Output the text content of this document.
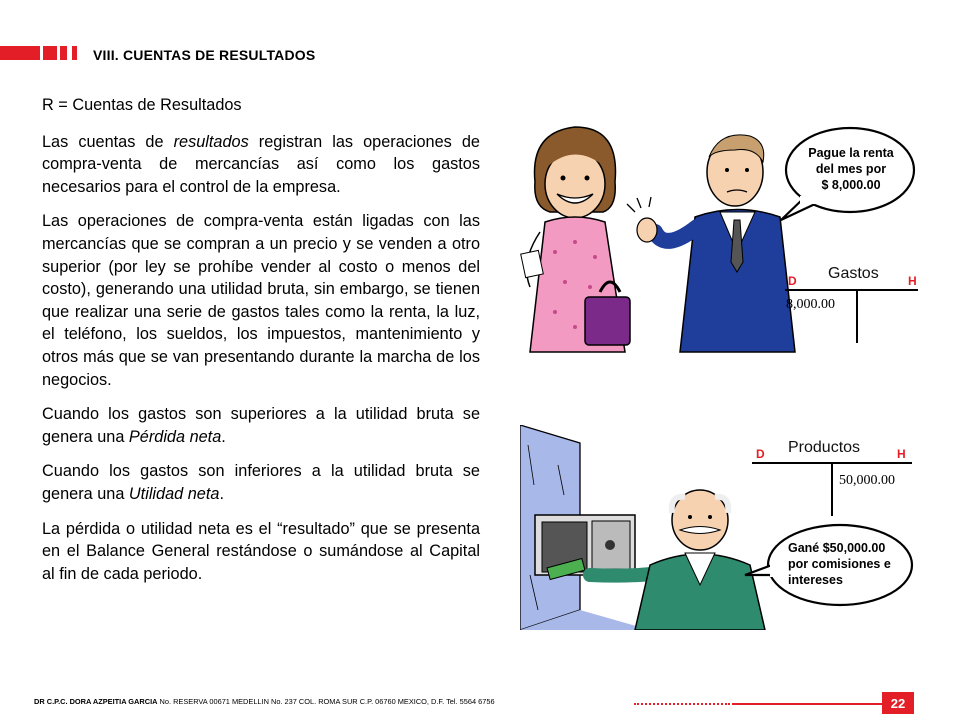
VIII. CUENTAS DE RESULTADOS

R = Cuentas de Resultados

Las cuentas de resultados registran las operaciones de compra-venta de mercancías así como los gastos necesarios para el control de la empresa.

Las operaciones de compra-venta están ligadas con las mercancías que se compran a un precio y se venden a otro superior (por ley se prohíbe vender al costo o menos del costo), generando una utilidad bruta, sin embargo, se tienen que realizar una serie de gastos tales como la renta, la luz, el teléfono, los sueldos, los impuestos, mantenimiento y otros más que se van presentando durante la marcha de los negocios.

Cuando los gastos son superiores a la utilidad bruta se genera una Pérdida neta.

Cuando los gastos son inferiores a la utilidad bruta se genera una Utilidad neta.

La pérdida o utilidad neta es el “resultado” que se presenta en el Balance General restándose o sumándose al Capital al fin de cada periodo.

Pague la renta
del mes por
$ 8,000.00
D Gastos H
8,000.00
Gané $50,000.00
por comisiones e
intereses
D Productos	H
50,000.00
DR C.P.C. DORA AZPEITIA GARCIA No. RESERVA 00671 MEDELLIN No. 237 COL. ROMA SUR C.P. 06760 MEXICO, D.F. Tel. 5564 6756	22
